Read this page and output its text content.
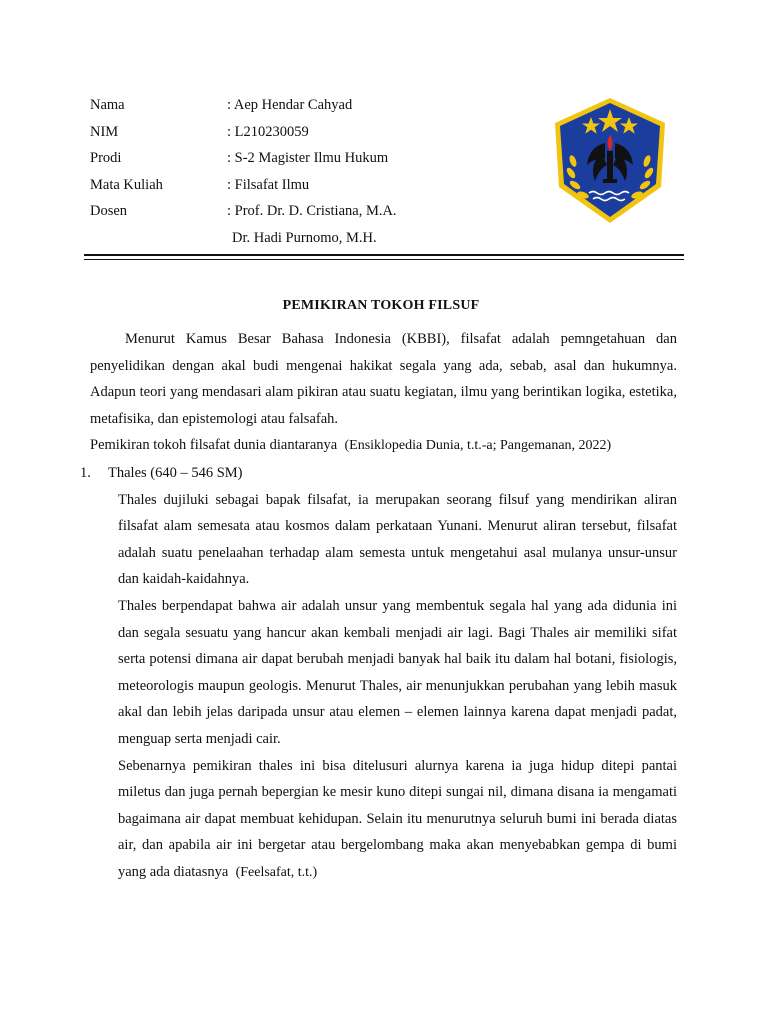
Nama	: Aep Hendar Cahyad
NIM	: L210230059
Prodi	: S-2 Magister Ilmu Hukum
Mata Kuliah	: Filsafat Ilmu
Dosen	: Prof. Dr. D. Cristiana, M.A.
Dr. Hadi Purnomo, M.H.
PEMIKIRAN TOKOH FILSUF

Menurut Kamus Besar Bahasa Indonesia (KBBI), filsafat adalah pemngetahuan dan penyelidikan dengan akal budi mengenai hakikat segala yang ada, sebab, asal dan hukumnya. Adapun teori yang mendasari alam pikiran atau suatu kegiatan, ilmu yang berintikan logika, estetika, metafisika, dan epistemologi atau falsafah.

Pemikiran tokoh filsafat dunia diantaranya (Ensiklopedia Dunia, t.t.-a; Pangemanan, 2022)

1.	Thales (640 – 546 SM)

Thales dujiluki sebagai bapak filsafat, ia merupakan seorang filsuf yang mendirikan aliran filsafat alam semesata atau kosmos dalam perkataan Yunani. Menurut aliran tersebut, filsafat adalah suatu penelaahan terhadap alam semesta untuk mengetahui asal mulanya unsur-unsur dan kaidah-kaidahnya.

Thales berpendapat bahwa air adalah unsur yang membentuk segala hal yang ada didunia ini dan segala sesuatu yang hancur akan kembali menjadi air lagi. Bagi Thales air memiliki sifat serta potensi dimana air dapat berubah menjadi banyak hal baik itu dalam hal botani, fisiologis, meteorologis maupun geologis. Menurut Thales, air menunjukkan perubahan yang lebih masuk akal dan lebih jelas daripada unsur atau elemen – elemen lainnya karena dapat menjadi padat, menguap serta menjadi cair.

Sebenarnya pemikiran thales ini bisa ditelusuri alurnya karena ia juga hidup ditepi pantai miletus dan juga pernah bepergian ke mesir kuno ditepi sungai nil, dimana disana ia mengamati bagaimana air dapat membuat kehidupan. Selain itu menurutnya seluruh bumi ini berada diatas air, dan apabila air ini bergetar atau bergelombang maka akan menyebabkan gempa di bumi yang ada diatasnya (Feelsafat, t.t.)
